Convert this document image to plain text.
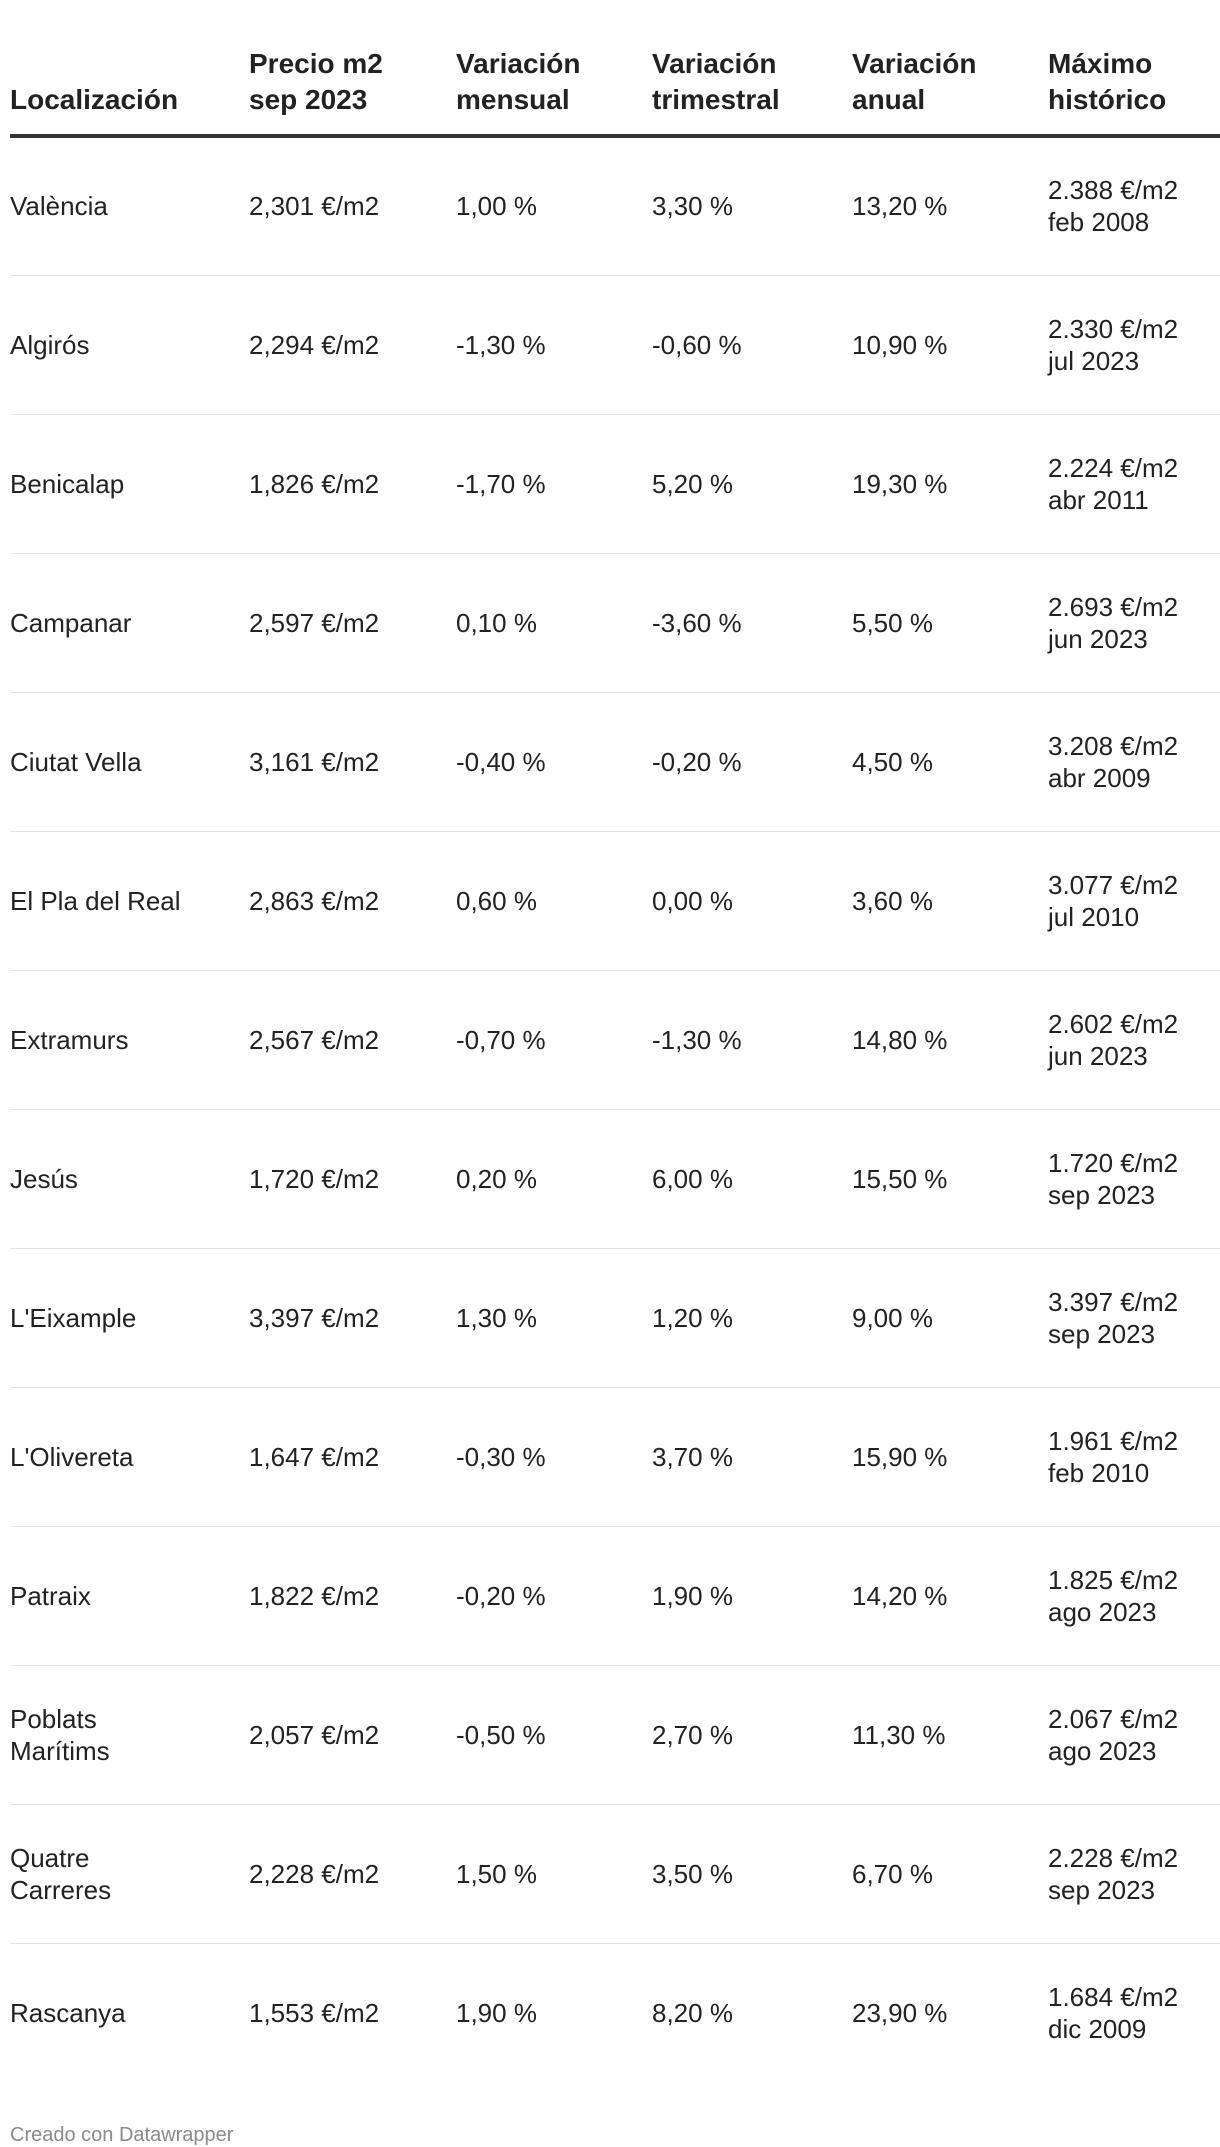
Localización	Precio m2 sep 2023	Variación mensual	Variación trimestral	Variación anual	Máximo histórico

València	2,301 €/m2	1,00 %	3,30 %	13,20 %	2.388 €/m2 feb 2008

Algirós	2,294 €/m2	-1,30 %	-0,60 %	10,90 %	2.330 €/m2 jul 2023

Benicalap	1,826 €/m2	-1,70 %	5,20 %	19,30 %	2.224 €/m2 abr 2011

Campanar	2,597 €/m2	0,10 %	-3,60 %	5,50 %	2.693 €/m2 jun 2023

Ciutat Vella	3,161 €/m2	-0,40 %	-0,20 %	4,50 %	3.208 €/m2 abr 2009

El Pla del Real	2,863 €/m2	0,60 %	0,00 %	3,60 %	3.077 €/m2 jul 2010

Extramurs	2,567 €/m2	-0,70 %	-1,30 %	14,80 %	2.602 €/m2 jun 2023

Jesús	1,720 €/m2	0,20 %	6,00 %	15,50 %	1.720 €/m2 sep 2023

L'Eixample	3,397 €/m2	1,30 %	1,20 %	9,00 %	3.397 €/m2 sep 2023

L'Olivereta	1,647 €/m2	-0,30 %	3,70 %	15,90 %	1.961 €/m2 feb 2010

Patraix	1,822 €/m2	-0,20 %	1,90 %	14,20 %	1.825 €/m2 ago 2023

Poblats Marítims	2,057 €/m2	-0,50 %	2,70 %	11,30 %	2.067 €/m2 ago 2023

Quatre Carreres	2,228 €/m2	1,50 %	3,50 %	6,70 %	2.228 €/m2 sep 2023

Rascanya	1,553 €/m2	1,90 %	8,20 %	23,90 %	1.684 €/m2 dic 2009
Creado con Datawrapper
